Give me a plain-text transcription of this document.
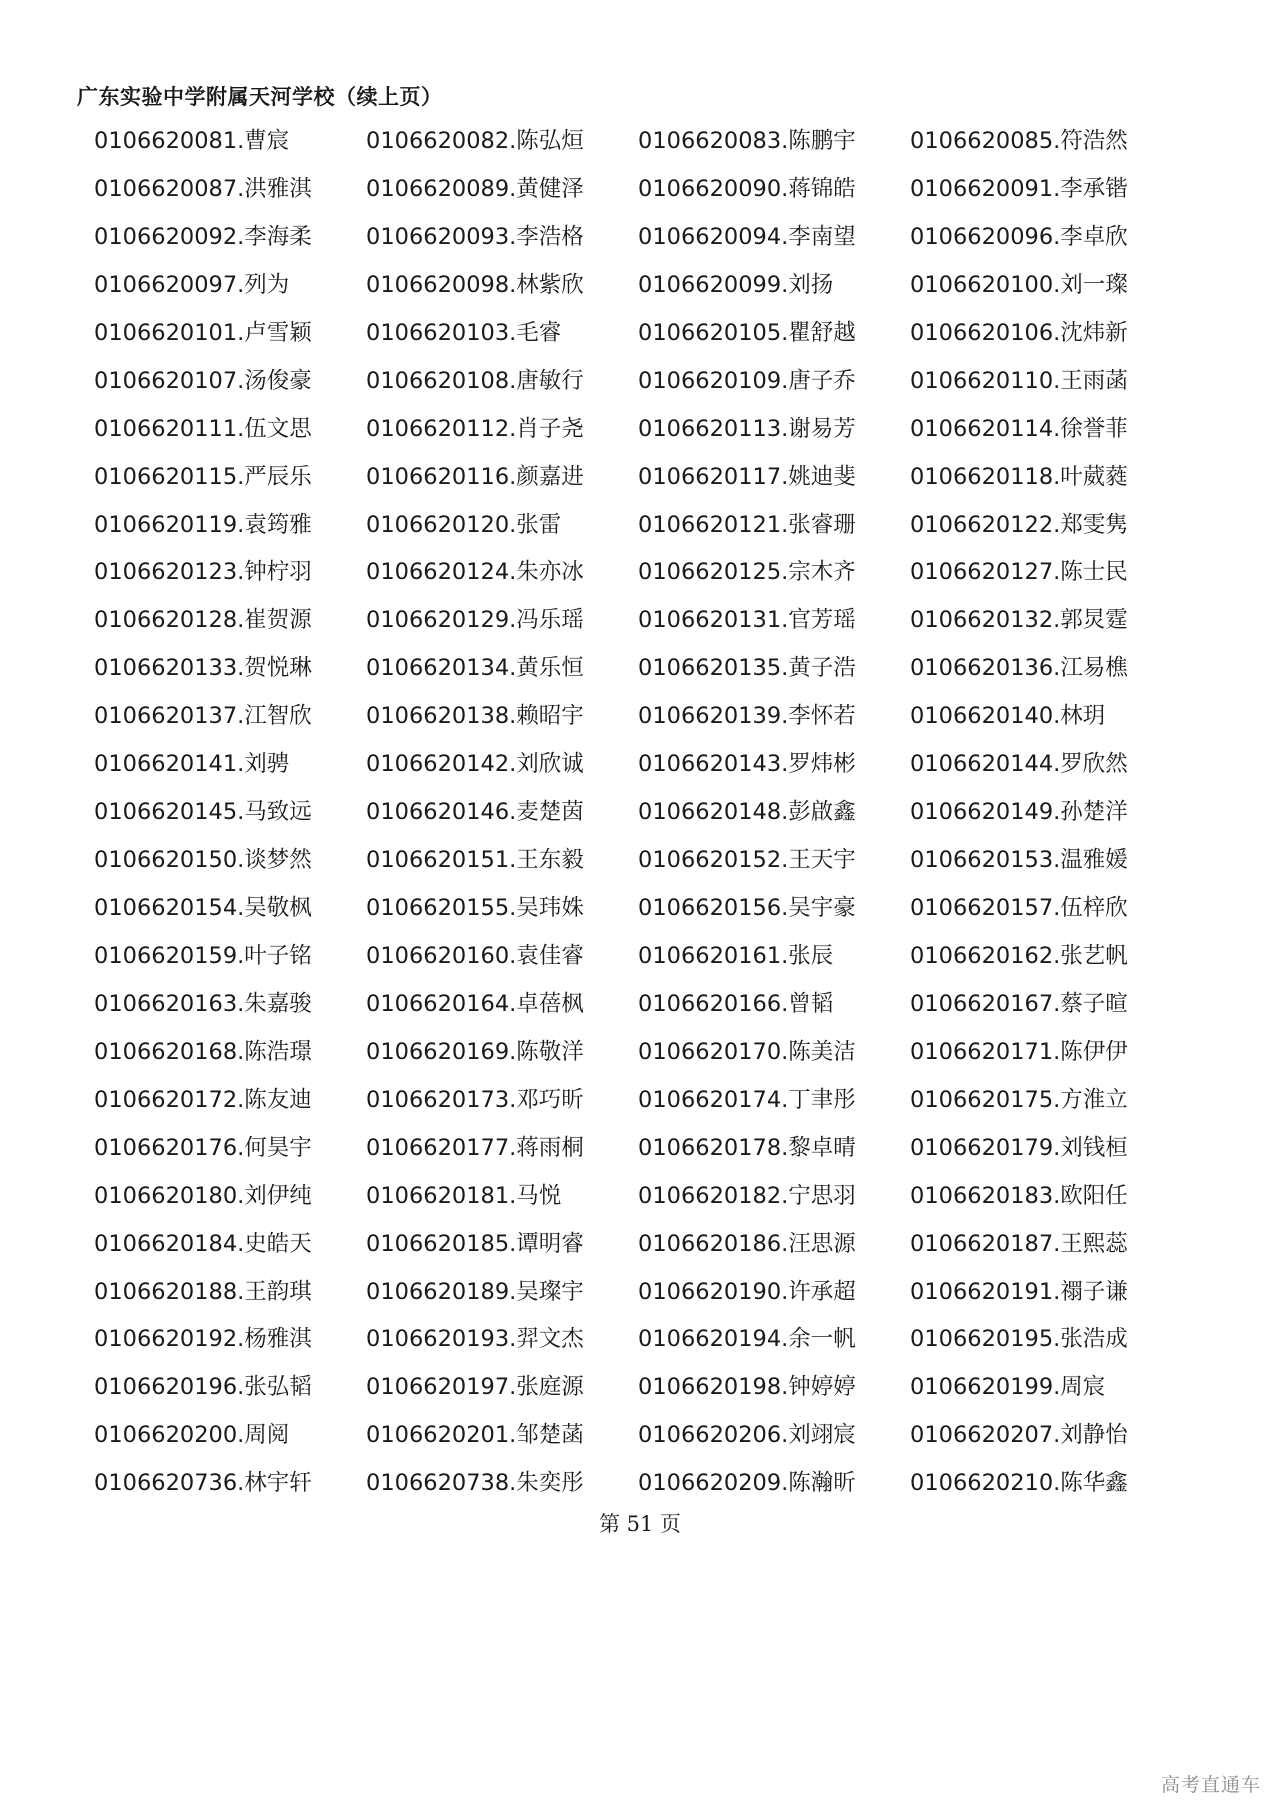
广东实验中学附属天河学校（续上页）
0106620081.曹宸	0106620082.陈弘烜	0106620083.陈鹏宇	0106620085.符浩然
0106620087.洪雅淇	0106620089.黄健泽	0106620090.蒋锦皓	0106620091.李承锴
0106620092.李海柔	0106620093.李浩格	0106620094.李南望	0106620096.李卓欣
0106620097.列为	0106620098.林紫欣	0106620099.刘扬	0106620100.刘一璨
0106620101.卢雪颖	0106620103.毛睿	0106620105.瞿舒越	0106620106.沈炜新
0106620107.汤俊豪	0106620108.唐敏行	0106620109.唐子乔	0106620110.王雨菡
0106620111.伍文思	0106620112.肖子尧	0106620113.谢易芳	0106620114.徐誉菲
0106620115.严辰乐	0106620116.颜嘉进	0106620117.姚迪斐	0106620118.叶葳蕤
0106620119.袁筠雅	0106620120.张雷	0106620121.张睿珊	0106620122.郑雯隽
0106620123.钟柠羽	0106620124.朱亦冰	0106620125.宗木齐	0106620127.陈士民
0106620128.崔贺源	0106620129.冯乐瑶	0106620131.官芳瑶	0106620132.郭炅霆
0106620133.贺悦琳	0106620134.黄乐恒	0106620135.黄子浩	0106620136.江易樵
0106620137.江智欣	0106620138.赖昭宇	0106620139.李怀若	0106620140.林玥
0106620141.刘骋	0106620142.刘欣诚	0106620143.罗炜彬	0106620144.罗欣然
0106620145.马致远	0106620146.麦楚茵	0106620148.彭啟鑫	0106620149.孙楚洋
0106620150.谈梦然	0106620151.王东毅	0106620152.王天宇	0106620153.温雅媛
0106620154.吴敬枫	0106620155.吴玮姝	0106620156.吴宇豪	0106620157.伍梓欣
0106620159.叶子铭	0106620160.袁佳睿	0106620161.张辰	0106620162.张艺帆
0106620163.朱嘉骏	0106620164.卓蓓枫	0106620166.曾韬	0106620167.蔡子暄
0106620168.陈浩璟	0106620169.陈敬洋	0106620170.陈美洁	0106620171.陈伊伊
0106620172.陈友迪	0106620173.邓巧昕	0106620174.丁聿彤	0106620175.方淮立
0106620176.何昊宇	0106620177.蒋雨桐	0106620178.黎卓晴	0106620179.刘钱桓
0106620180.刘伊纯	0106620181.马悦	0106620182.宁思羽	0106620183.欧阳任
0106620184.史皓天	0106620185.谭明睿	0106620186.汪思源	0106620187.王熙蕊
0106620188.王韵琪	0106620189.吴璨宇	0106620190.许承超	0106620191.禤子谦
0106620192.杨雅淇	0106620193.羿文杰	0106620194.余一帆	0106620195.张浩成
0106620196.张弘韬	0106620197.张庭源	0106620198.钟婷婷	0106620199.周宸
0106620200.周阅	0106620201.邹楚菡	0106620206.刘翊宸	0106620207.刘静怡
0106620736.林宇轩	0106620738.朱奕彤	0106620209.陈瀚昕	0106620210.陈华鑫
第 51 页
高考直通车
